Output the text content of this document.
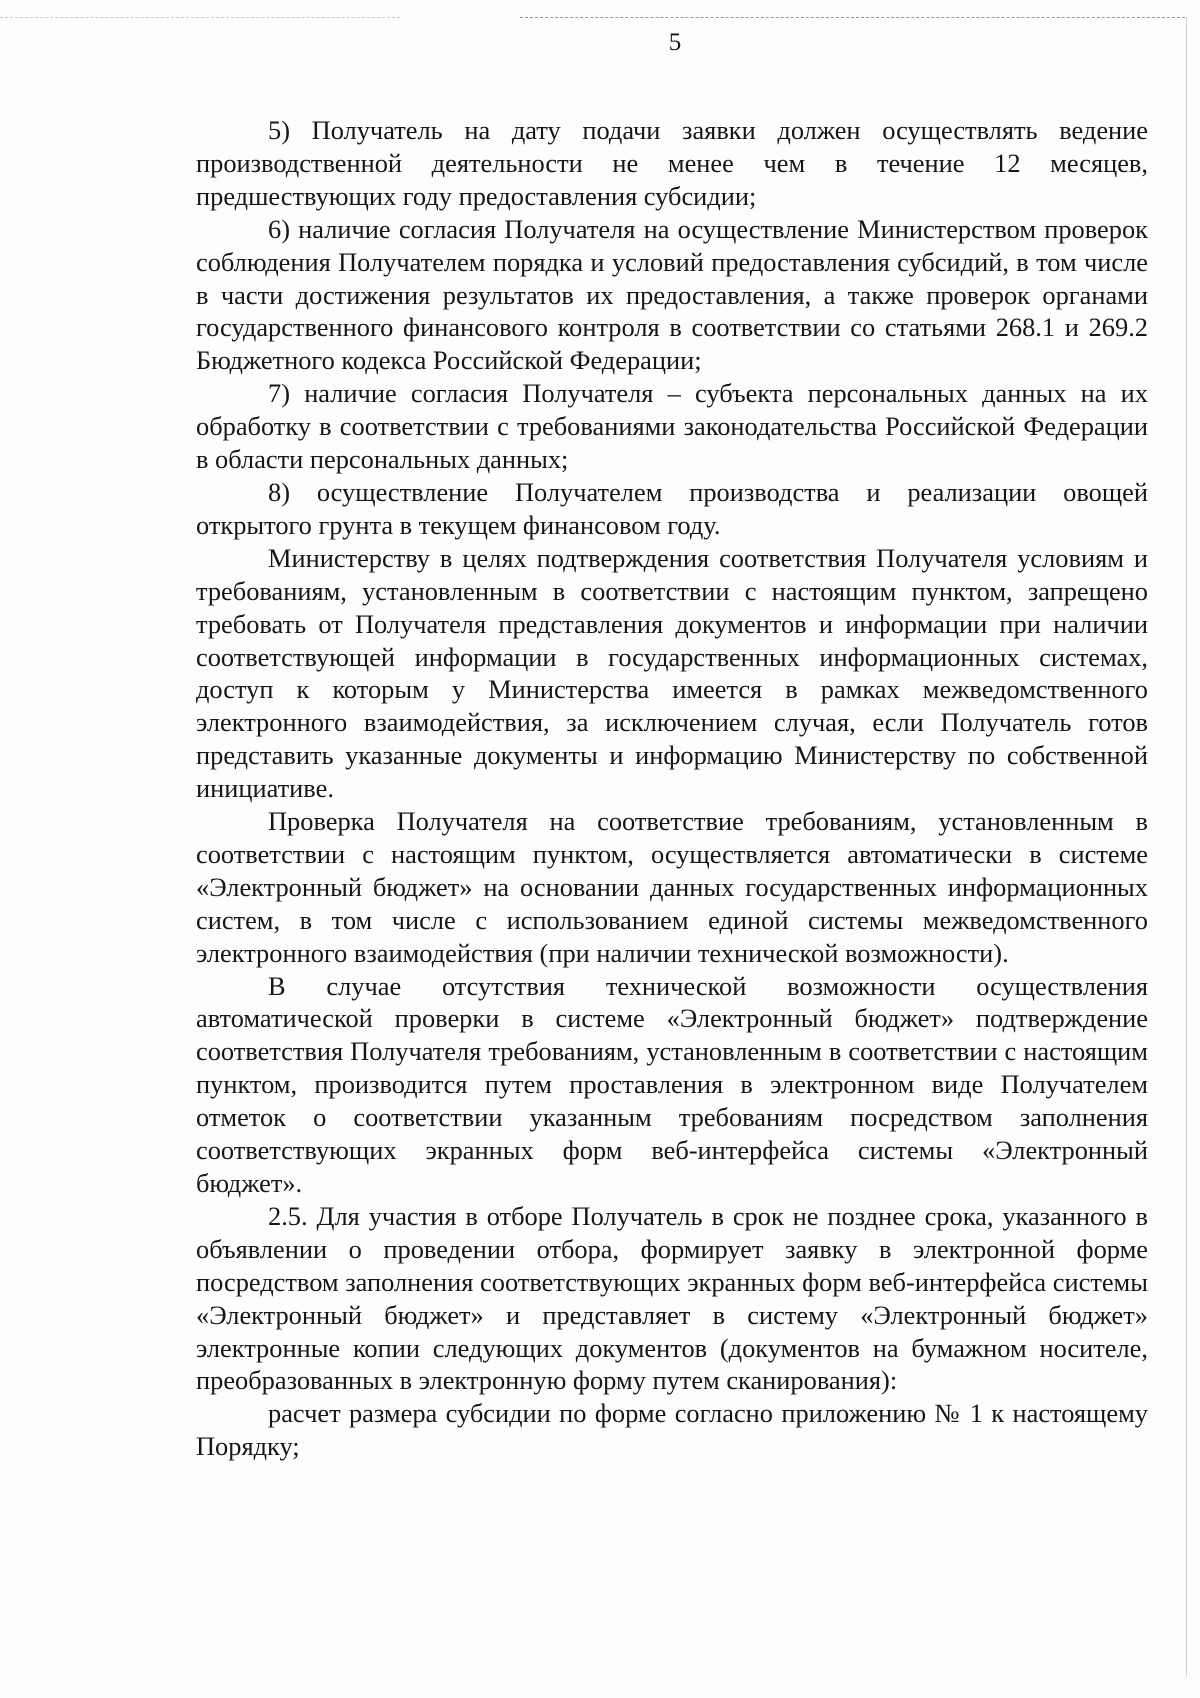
5

5) Получатель на дату подачи заявки должен осуществлять ведение производственной деятельности не менее чем в течение 12 месяцев, предшествующих году предоставления субсидии;

6) наличие согласия Получателя на осуществление Министерством проверок соблюдения Получателем порядка и условий предоставления субсидий, в том числе в части достижения результатов их предоставления, а также проверок органами государственного финансового контроля в соответствии со статьями 268.1 и 269.2 Бюджетного кодекса Российской Федерации;

7) наличие согласия Получателя – субъекта персональных данных на их обработку в соответствии с требованиями законодательства Российской Федерации в области персональных данных;

8) осуществление Получателем производства и реализации овощей открытого грунта в текущем финансовом году.

Министерству в целях подтверждения соответствия Получателя условиям и требованиям, установленным в соответствии с настоящим пунктом, запрещено требовать от Получателя представления документов и информации при наличии соответствующей информации в государственных информационных системах, доступ к которым у Министерства имеется в рамках межведомственного электронного взаимодействия, за исключением случая, если Получатель готов представить указанные документы и информацию Министерству по собственной инициативе.

Проверка Получателя на соответствие требованиям, установленным в соответствии с настоящим пунктом, осуществляется автоматически в системе «Электронный бюджет» на основании данных государственных информационных систем, в том числе с использованием единой системы межведомственного электронного взаимодействия (при наличии технической возможности).

В случае отсутствия технической возможности осуществления автоматической проверки в системе «Электронный бюджет» подтверждение соответствия Получателя требованиям, установленным в соответствии с настоящим пунктом, производится путем проставления в электронном виде Получателем отметок о соответствии указанным требованиям посредством заполнения соответствующих экранных форм веб-интерфейса системы «Электронный бюджет».

2.5. Для участия в отборе Получатель в срок не позднее срока, указанного в объявлении о проведении отбора, формирует заявку в электронной форме посредством заполнения соответствующих экранных форм веб-интерфейса системы «Электронный бюджет» и представляет в систему «Электронный бюджет» электронные копии следующих документов (документов на бумажном носителе, преобразованных в электронную форму путем сканирования):

расчет размера субсидии по форме согласно приложению № 1 к настоящему Порядку;
